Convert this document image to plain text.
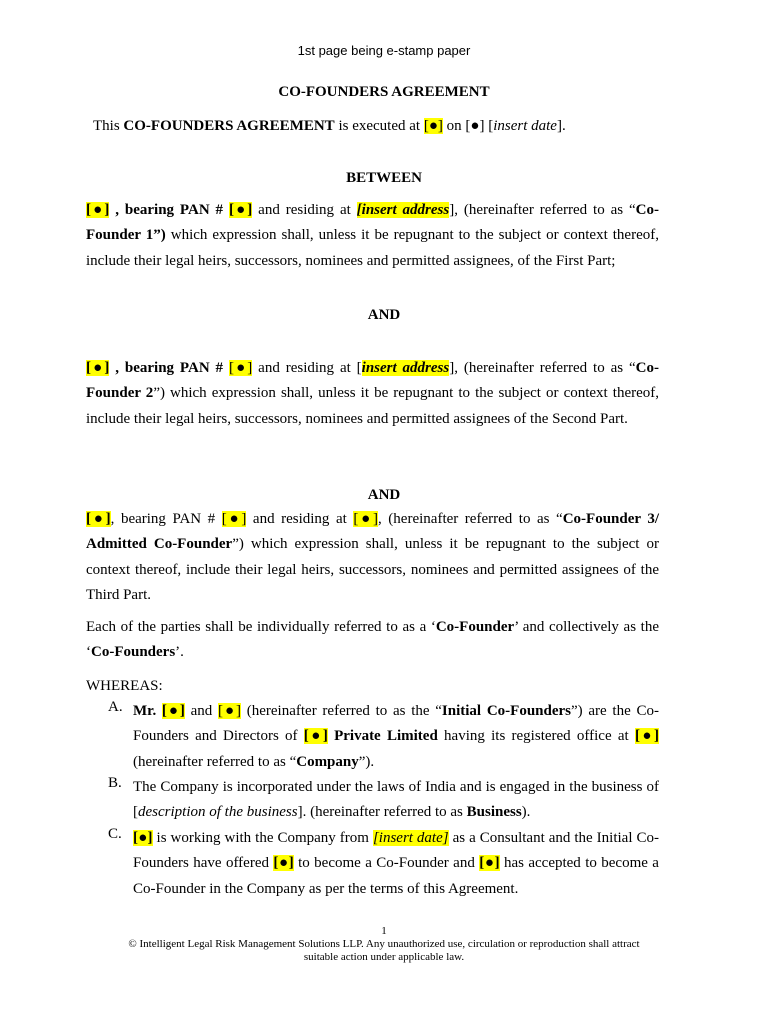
1st page being e-stamp paper
CO-FOUNDERS AGREEMENT
This CO-FOUNDERS AGREEMENT is executed at [●] on [●] [insert date].
BETWEEN
[●] , bearing PAN # [●] and residing at [insert address], (hereinafter referred to as “Co-Founder 1”) which expression shall, unless it be repugnant to the subject or context thereof, include their legal heirs, successors, nominees and permitted assignees, of the First Part;
AND
[●] , bearing PAN # [●] and residing at [insert address], (hereinafter referred to as “Co-Founder 2”) which expression shall, unless it be repugnant to the subject or context thereof, include their legal heirs, successors, nominees and permitted assignees of the Second Part.
AND
[●], bearing PAN # [●] and residing at [●], (hereinafter referred to as “Co-Founder 3/ Admitted Co-Founder”) which expression shall, unless it be repugnant to the subject or context thereof, include their legal heirs, successors, nominees and permitted assignees of the Third Part.
Each of the parties shall be individually referred to as a ‘Co-Founder’ and collectively as the ‘Co-Founders’.
WHEREAS:
A. Mr. [●] and [●] (hereinafter referred to as the “Initial Co-Founders”) are the Co-Founders and Directors of [●] Private Limited having its registered office at [●] (hereinafter referred to as “Company”).
B. The Company is incorporated under the laws of India and is engaged in the business of [description of the business]. (hereinafter referred to as Business).
C. [●] is working with the Company from [insert date] as a Consultant and the Initial Co-Founders have offered [●] to become a Co-Founder and [●] has accepted to become a Co-Founder in the Company as per the terms of this Agreement.
1
© Intelligent Legal Risk Management Solutions LLP. Any unauthorized use, circulation or reproduction shall attract
suitable action under applicable law.
